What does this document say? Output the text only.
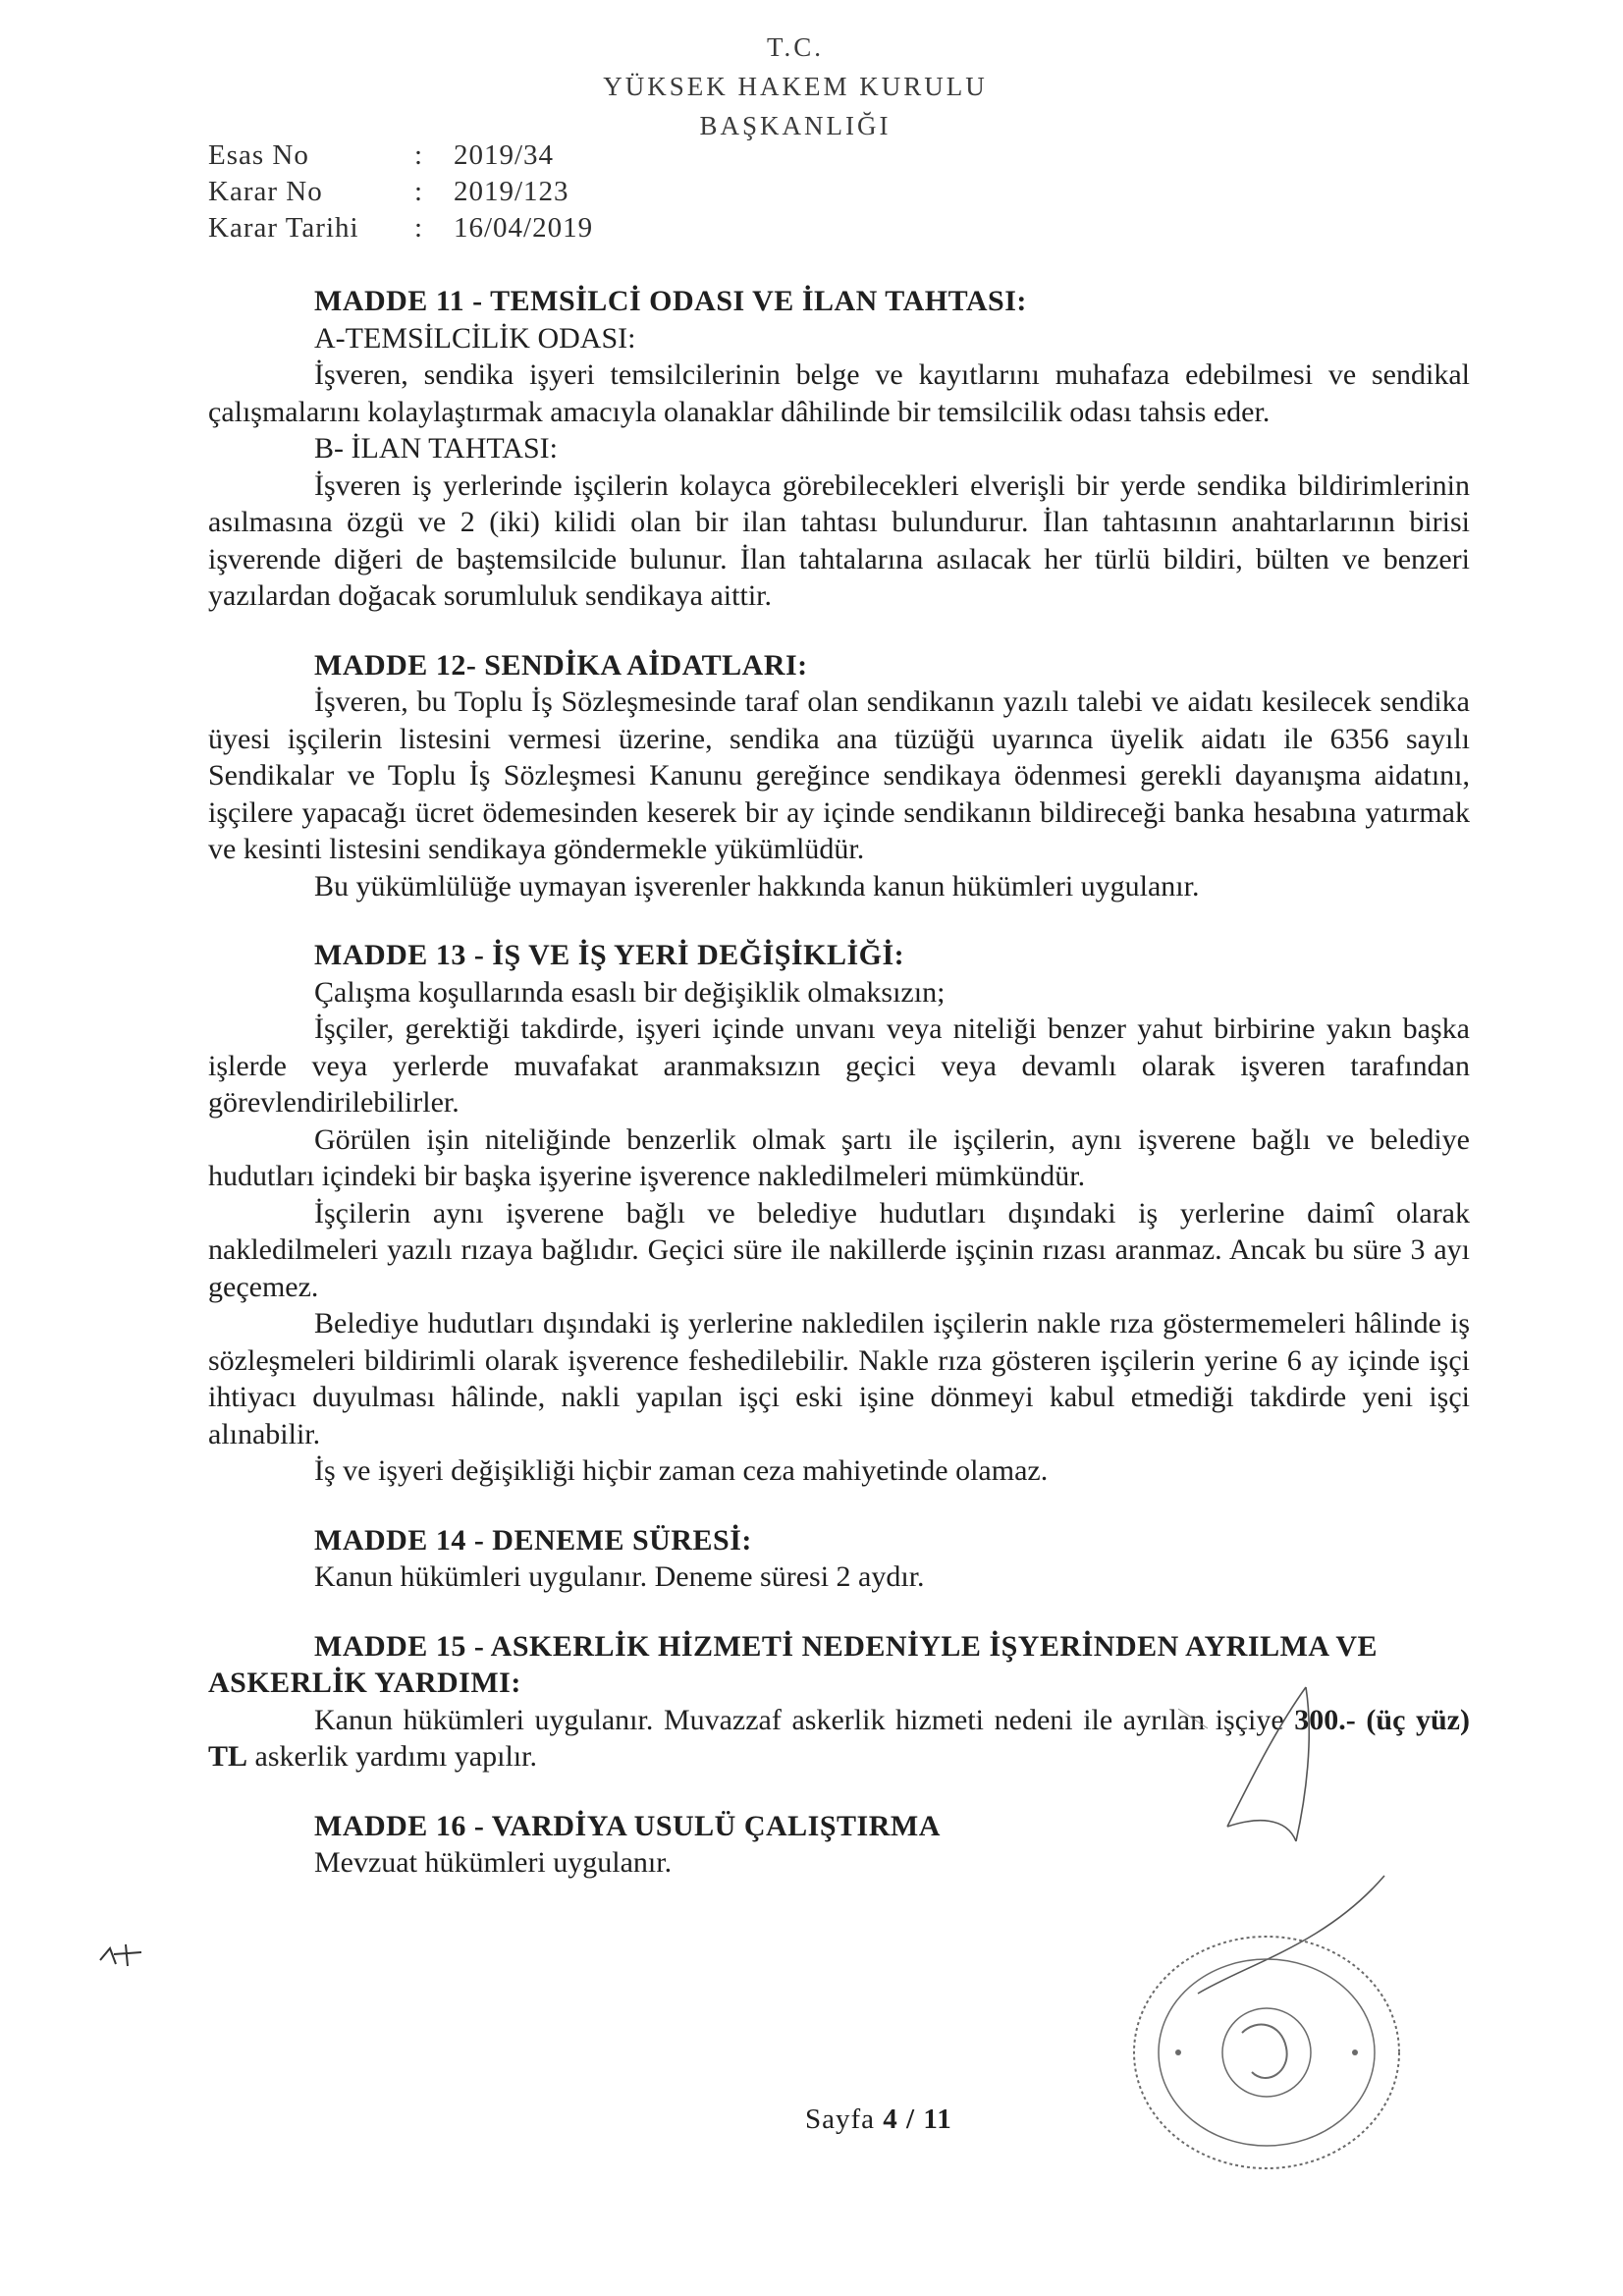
T.C.
YÜKSEK HAKEM KURULU
BAŞKANLIĞI
Esas No	:	2019/34
Karar No	:	2019/123
Karar Tarihi	:	16/04/2019

MADDE 11 - TEMSİLCİ ODASI VE İLAN TAHTASI:

A-TEMSİLCİLİK ODASI:

İşveren, sendika işyeri temsilcilerinin belge ve kayıtlarını muhafaza edebilmesi ve sendikal çalışmalarını kolaylaştırmak amacıyla olanaklar dâhilinde bir temsilcilik odası tahsis eder.

B- İLAN TAHTASI:

İşveren iş yerlerinde işçilerin kolayca görebilecekleri elverişli bir yerde sendika bildirimlerinin asılmasına özgü ve 2 (iki) kilidi olan bir ilan tahtası bulundurur. İlan tahtasının anahtarlarının birisi işverende diğeri de baştemsilcide bulunur. İlan tahtalarına asılacak her türlü bildiri, bülten ve benzeri yazılardan doğacak sorumluluk sendikaya aittir.

MADDE 12- SENDİKA AİDATLARI:

İşveren, bu Toplu İş Sözleşmesinde taraf olan sendikanın yazılı talebi ve aidatı kesilecek sendika üyesi işçilerin listesini vermesi üzerine, sendika ana tüzüğü uyarınca üyelik aidatı ile 6356 sayılı Sendikalar ve Toplu İş Sözleşmesi Kanunu gereğince sendikaya ödenmesi gerekli dayanışma aidatını, işçilere yapacağı ücret ödemesinden keserek bir ay içinde sendikanın bildireceği banka hesabına yatırmak ve kesinti listesini sendikaya göndermekle yükümlüdür.

Bu yükümlülüğe uymayan işverenler hakkında kanun hükümleri uygulanır.

MADDE 13 - İŞ VE İŞ YERİ DEĞİŞİKLİĞİ:

Çalışma koşullarında esaslı bir değişiklik olmaksızın;

İşçiler, gerektiği takdirde, işyeri içinde unvanı veya niteliği benzer yahut birbirine yakın başka işlerde veya yerlerde muvafakat aranmaksızın geçici veya devamlı olarak işveren tarafından görevlendirilebilirler.

Görülen işin niteliğinde benzerlik olmak şartı ile işçilerin, aynı işverene bağlı ve belediye hudutları içindeki bir başka işyerine işverence nakledilmeleri mümkündür.

İşçilerin aynı işverene bağlı ve belediye hudutları dışındaki iş yerlerine daimî olarak nakledilmeleri yazılı rızaya bağlıdır. Geçici süre ile nakillerde işçinin rızası aranmaz. Ancak bu süre 3 ayı geçemez.

Belediye hudutları dışındaki iş yerlerine nakledilen işçilerin nakle rıza göstermemeleri hâlinde iş sözleşmeleri bildirimli olarak işverence feshedilebilir. Nakle rıza gösteren işçilerin yerine 6 ay içinde işçi ihtiyacı duyulması hâlinde, nakli yapılan işçi eski işine dönmeyi kabul etmediği takdirde yeni işçi alınabilir.

İş ve işyeri değişikliği hiçbir zaman ceza mahiyetinde olamaz.

MADDE 14 - DENEME SÜRESİ:

Kanun hükümleri uygulanır. Deneme süresi 2 aydır.

MADDE 15 - ASKERLİK HİZMETİ NEDENİYLE İŞYERİNDEN AYRILMA VE ASKERLİK YARDIMI:

Kanun hükümleri uygulanır. Muvazzaf askerlik hizmeti nedeni ile ayrılan işçiye 300.- (üç yüz) TL askerlik yardımı yapılır.

MADDE 16 - VARDİYA USULÜ ÇALIŞTIRMA

Mevzuat hükümleri uygulanır.

Sayfa 4 / 11
